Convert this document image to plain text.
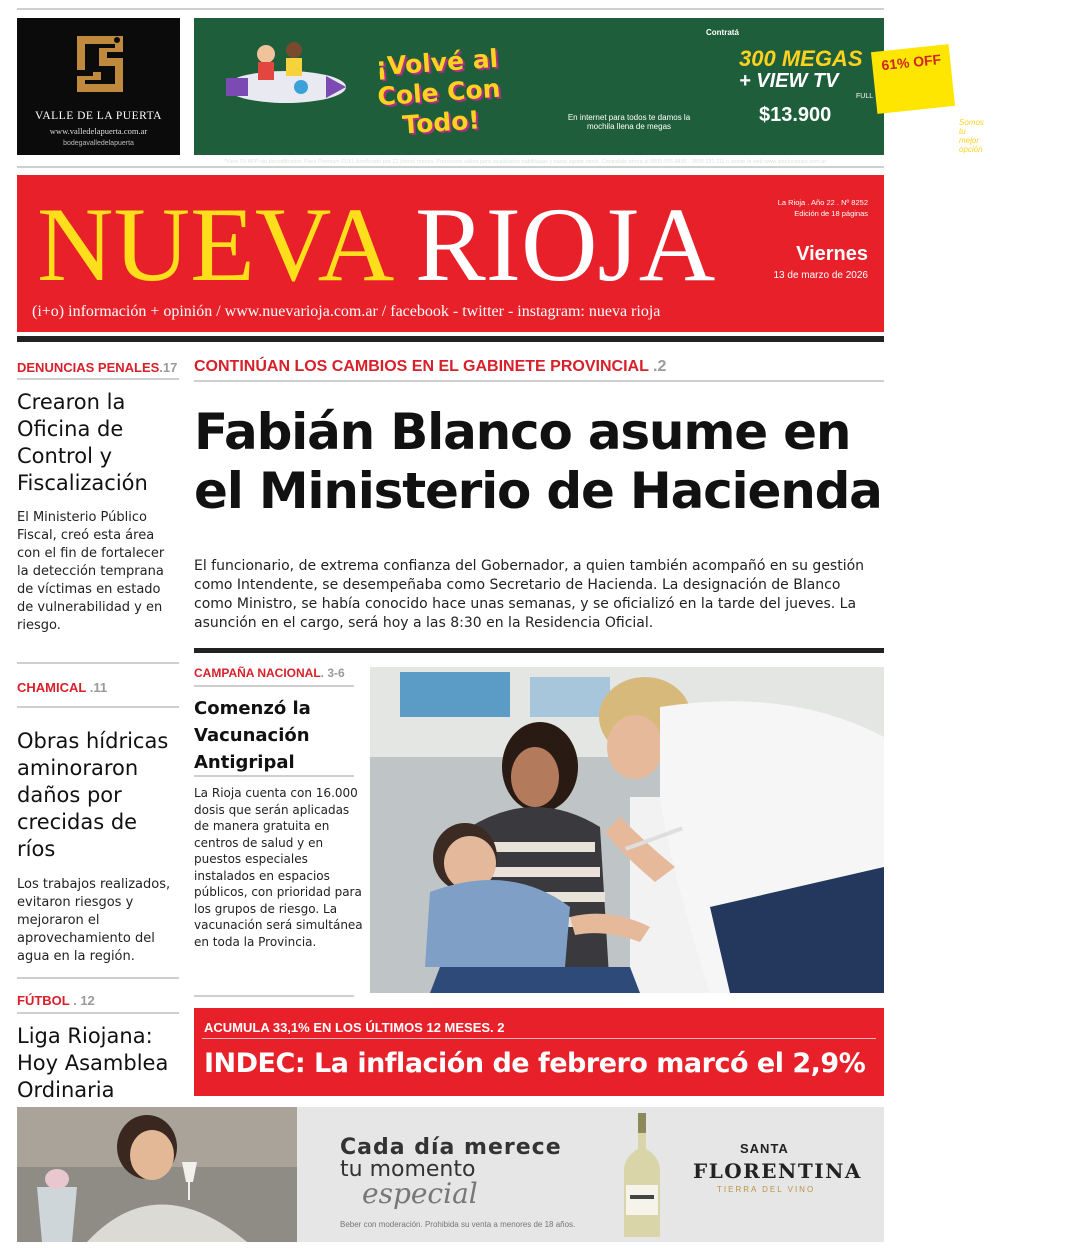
VALLE DE LA PUERTA
www.valledelapuerta.com.ar
bodegavalledelapuerta
¡Volvé al Cole Con Todo!	En internet para todos te damos la mochila llena de megas
Contratá
300 MEGAS
+ VIEW TV
FULL
$13.900
61% OFF
Internet para todos
Somos tu mejor opción
*View TV APP sin decodificador. Pack Premium FULL bonificado por 12 (doce) meses. Promoción válida para localidades habilitadas y hasta agotar stock. Contratalo ahora al 0800 555 8436 - 3805 131 111 o desde la web www.ipsoluciones.com.ar
NUEVA RIOJA	La Rioja . Año 22 . Nº 8252
Edición de 18 páginas
Viernes
13 de marzo de 2026
(i+o) información + opinión / www.nuevarioja.com.ar / facebook - twitter - instagram: nueva rioja
DENUNCIAS PENALES.17
Crearon la Oficina de Control y Fiscalización
El Ministerio Público Fiscal, creó esta área con el fin de fortalecer la detección temprana de víctimas en estado de vulnerabilidad y en riesgo.
CHAMICAL .11
Obras hídricas aminoraron daños por crecidas de ríos
Los trabajos realizados, evitaron riesgos y mejoraron el aprovechamiento del agua en la región.
FÚTBOL . 12
Liga Riojana: Hoy Asamblea Ordinaria
CONTINÚAN LOS CAMBIOS EN EL GABINETE PROVINCIAL .2
Fabián Blanco asume en el Ministerio de Hacienda
El funcionario, de extrema confianza del Gobernador, a quien también acompañó en su gestión como Intendente, se desempeñaba como Secretario de Hacienda. La designación de Blanco como Ministro, se había conocido hace unas semanas, y se oficializó en la tarde del jueves. La asunción en el cargo, será hoy a las 8:30 en la Residencia Oficial.
CAMPAÑA NACIONAL. 3-6
Comenzó la Vacunación Antigripal
La Rioja cuenta con 16.000 dosis que serán aplicadas de manera gratuita en centros de salud y en puestos especiales instalados en espacios públicos, con prioridad para los grupos de riesgo. La vacunación será simultánea en toda la Provincia.
ACUMULA 33,1% EN LOS ÚLTIMOS 12 MESES. 2
INDEC: La inflación de febrero marcó el 2,9%
Cada día merece
tu momento
especial
Beber con moderación. Prohibida su venta a menores de 18 años.
SANTA
FLORENTINA
TIERRA DEL VINO
